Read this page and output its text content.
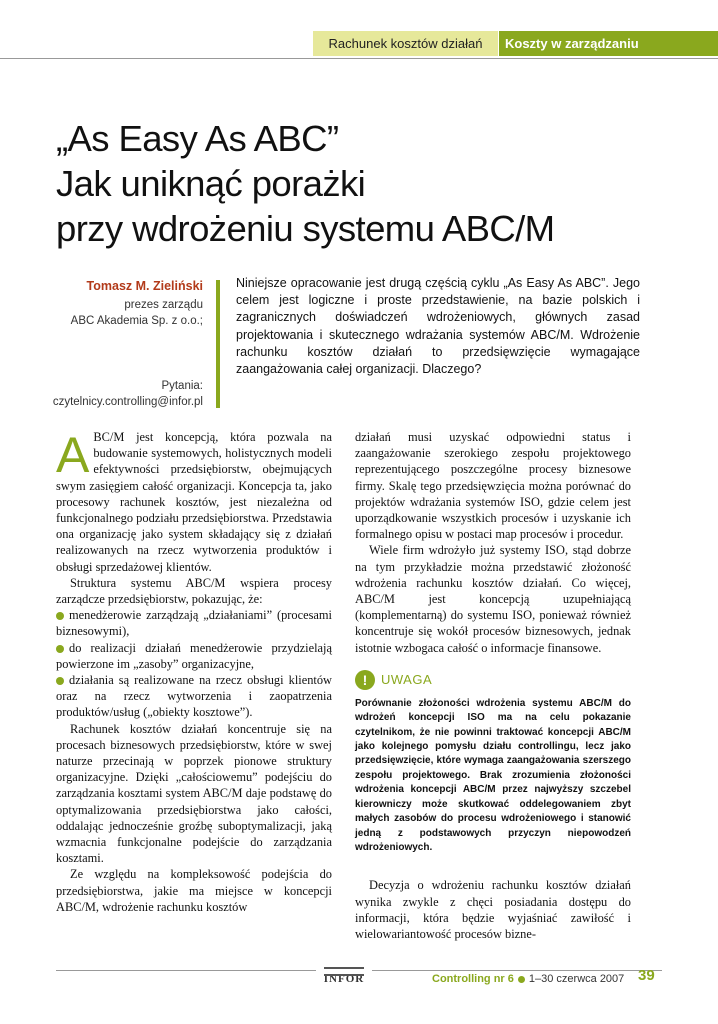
Rachunek kosztów działań	Koszty w zarządzaniu
„As Easy As ABC”
Jak uniknąć porażki
przy wdrożeniu systemu ABC/M
Tomasz M. Zieliński
prezes zarządu
ABC Akademia Sp. z o.o.;
Pytania:
czytelnicy.controlling@infor.pl
Niniejsze opracowanie jest drugą częścią cyklu „As Easy As ABC”. Jego celem jest logiczne i proste przedstawienie, na bazie polskich i zagranicznych doświadczeń wdrożeniowych, głównych zasad projektowania i skutecznego wdrażania systemów ABC/M. Wdrożenie rachunku kosztów działań to przedsięwzięcie wymagające zaangażowania całej organizacji. Dlaczego?

ABC/M jest koncepcją, która pozwala na budowanie systemowych, holistycznych modeli efektywności przedsiębiorstw, obejmujących swym zasięgiem całość organizacji. Koncepcja ta, jako procesowy rachunek kosztów, jest niezależna od funkcjonalnego podziału przedsiębiorstwa. Przedstawia ona organizację jako system składający się z działań realizowanych na rzecz wytworzenia produktów i obsługi sprzedażowej klientów.

Struktura systemu ABC/M wspiera procesy zarządcze przedsiębiorstw, pokazując, że:

menedżerowie zarządzają „działaniami” (procesami biznesowymi),
do realizacji działań menedżerowie przydzielają powierzone im „zasoby” organizacyjne,
działania są realizowane na rzecz obsługi klientów oraz na rzecz wytworzenia i zaopatrzenia produktów/usług („obiekty kosztowe”).

Rachunek kosztów działań koncentruje się na procesach biznesowych przedsiębiorstw, które w swej naturze przecinają w poprzek pionowe struktury organizacyjne. Dzięki „całościowemu” podejściu do zarządzania kosztami system ABC/M daje podstawę do optymalizowania przedsiębiorstwa jako całości, oddalając jednocześnie groźbę suboptymalizacji, jaką wzmacnia funkcjonalne podejście do zarządzania kosztami.

Ze względu na kompleksowość podejścia do przedsiębiorstwa, jakie ma miejsce w koncepcji ABC/M, wdrożenie rachunku kosztów

działań musi uzyskać odpowiedni status i zaangażowanie szerokiego zespołu projektowego reprezentującego poszczególne procesy biznesowe firmy. Skalę tego przedsięwzięcia można porównać do projektów wdrażania systemów ISO, gdzie celem jest uporządkowanie wszystkich procesów i uzyskanie ich formalnego opisu w postaci map procesów i procedur.

Wiele firm wdrożyło już systemy ISO, stąd dobrze na tym przykładzie można przedstawić złożoność wdrożenia rachunku kosztów działań. Co więcej, ABC/M jest koncepcją uzupełniającą (komplementarną) do systemu ISO, ponieważ również koncentruje się wokół procesów biznesowych, jednak istotnie wzbogaca całość o informacje finansowe.

!	UWAGA
Porównanie złożoności wdrożenia systemu ABC/M do wdrożeń koncepcji ISO ma na celu pokazanie czytelnikom, że nie powinni traktować koncepcji ABC/M jako kolejnego pomysłu działu controllingu, lecz jako przedsięwzięcie, które wymaga zaangażowania szerszego zespołu projektowego. Brak zrozumienia złożoności wdrożenia koncepcji ABC/M przez najwyższy szczebel kierowniczy może skutkować oddelegowaniem zbyt małych zasobów do procesu wdrożeniowego i stanowić jedną z podstawowych przyczyn niepowodzeń wdrożeniowych.

Decyzja o wdrożeniu rachunku kosztów działań wynika zwykle z chęci posiadania dostępu do informacji, która będzie wyjaśniać zawiłość i wielowariantowość procesów bizne-

INFOR	Controlling nr 6 1–30 czerwca 2007 39
